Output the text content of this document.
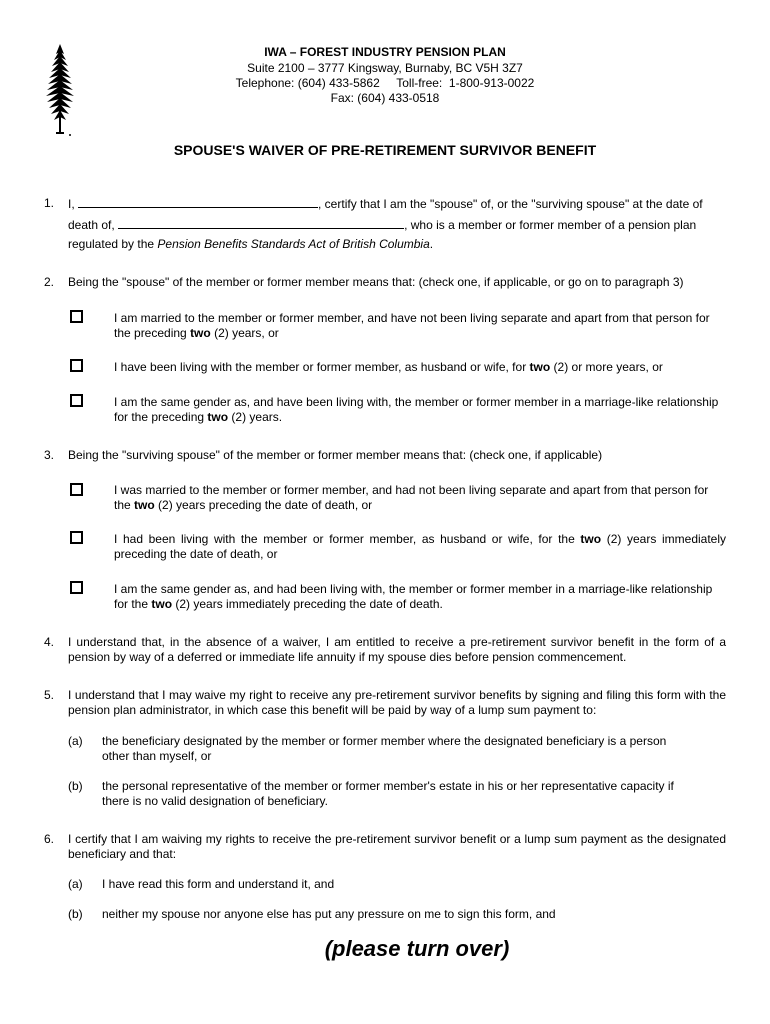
IWA – FOREST INDUSTRY PENSION PLAN
Suite 2100 – 3777 Kingsway, Burnaby, BC V5H 3Z7
Telephone: (604) 433-5862     Toll-free:  1-800-913-0022
Fax: (604) 433-0518
SPOUSE'S WAIVER OF PRE-RETIREMENT SURVIVOR BENEFIT
1.	I,	, certify that I am the "spouse" of, or the "surviving spouse" at the date of
death of,	, who is a member or former member of a pension plan
regulated by the Pension Benefits Standards Act of British Columbia.
2.	Being the "spouse" of the member or former member means that: (check one, if applicable, or go on to paragraph 3)
I am married to the member or former member, and have not been living separate and apart from that person for the preceding two (2) years, or
I have been living with the member or former member, as husband or wife, for two (2) or more years, or
I am the same gender as, and have been living with, the member or former member in a marriage-like relationship for the preceding two (2) years.
3.	Being the "surviving spouse" of the member or former member means that: (check one, if applicable)
I was married to the member or former member, and had not been living separate and apart from that person for the two (2) years preceding the date of death, or
I had been living with the member or former member, as husband or wife, for the two (2) years immediately preceding the date of death, or
I am the same gender as, and had been living with, the member or former member in a marriage-like relationship for the two (2) years immediately preceding the date of death.
4.	I understand that, in the absence of a waiver, I am entitled to receive a pre-retirement survivor benefit in the form of a pension by way of a deferred or immediate life annuity if my spouse dies before pension commencement.
5.	I understand that I may waive my right to receive any pre-retirement survivor benefits by signing and filing this form with the pension plan administrator, in which case this benefit will be paid by way of a lump sum payment to:
(a)	the beneficiary designated by the member or former member where the designated beneficiary is a person other than myself, or
(b)	the personal representative of the member or former member's estate in his or her representative capacity if there is no valid designation of beneficiary.
6.	I certify that I am waiving my rights to receive the pre-retirement survivor benefit or a lump sum payment as the designated beneficiary and that:
(a)	I have read this form and understand it, and
(b)	neither my spouse nor anyone else has put any pressure on me to sign this form, and
(please turn over)
